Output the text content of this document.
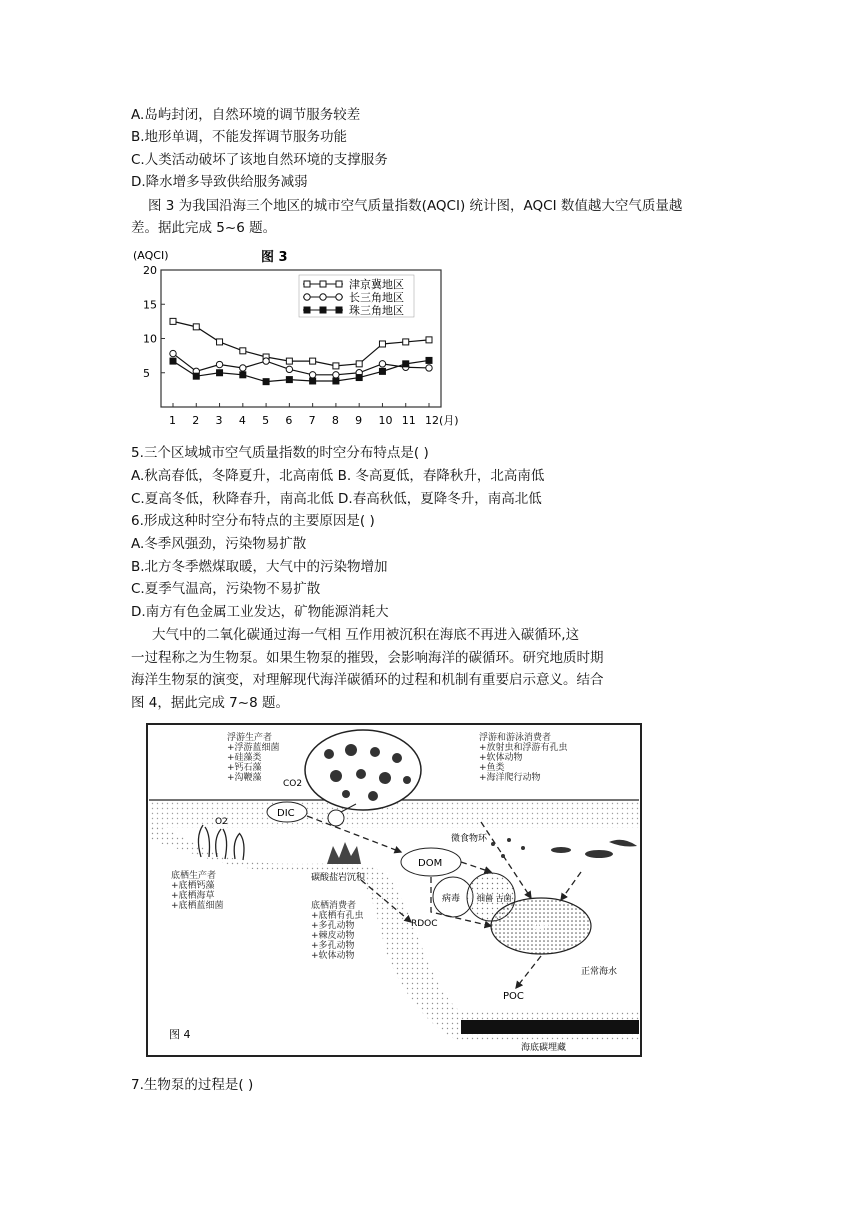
A.岛屿封闭，自然环境的调节服务较差
B.地形单调，不能发挥调节服务功能
C.人类活动破坏了该地自然环境的支撑服务
D.降水增多导致供给服务减弱
图 3 为我国沿海三个地区的城市空气质量指数(AQCI) 统计图，AQCI 数值越大空气质量越
差。据此完成 5~6 题。
(AQCI)	图 3
5
10
15
20
1 2 3 4 5 6 7 8 9 10 11 12(月)
津京冀地区
长三角地区
珠三角地区
5.三个区域城市空气质量指数的时空分布特点是( )
A.秋高春低，冬降夏升，北高南低 B. 冬高夏低，春降秋升，北高南低
C.夏高冬低，秋降春升，南高北低 D.春高秋低，夏降冬升，南高北低
6.形成这种时空分布特点的主要原因是( )
A.冬季风强劲，污染物易扩散
B.北方冬季燃煤取暖，大气中的污染物增加
C.夏季气温高，污染物不易扩散
D.南方有色金属工业发达，矿物能源消耗大
大气中的二氧化碳通过海一气相 互作用被沉积在海底不再进入碳循环,这
一过程称之为生物泵。如果生物泵的摧毁，会影响海洋的碳循环。研究地质时期
海洋生物泵的演变，对理解现代海洋碳循环的过程和机制有重要启示意义。结合
图 4，据此完成 7~8 题。
浮游生产者
+浮游蓝细菌
+硅藻类
+钙石藻
+沟鞭藻
浮游和游泳消费者
+放射虫和浮游有孔虫
+软体动物
+鱼类
+海洋爬行动物
CO2
O2
DIC
DOM
病毒 细菌 古菌
POM
POC
RDOC
微食物环
底栖生产者
+底栖钙藻
+底栖海草
+底栖蓝细菌
碳酸盐岩沉积
底栖消费者
+底栖有孔虫
+多孔动物
+棘皮动物
+多孔动物
+软体动物
正常海水
海底碳埋藏
图 4
7.生物泵的过程是( )
